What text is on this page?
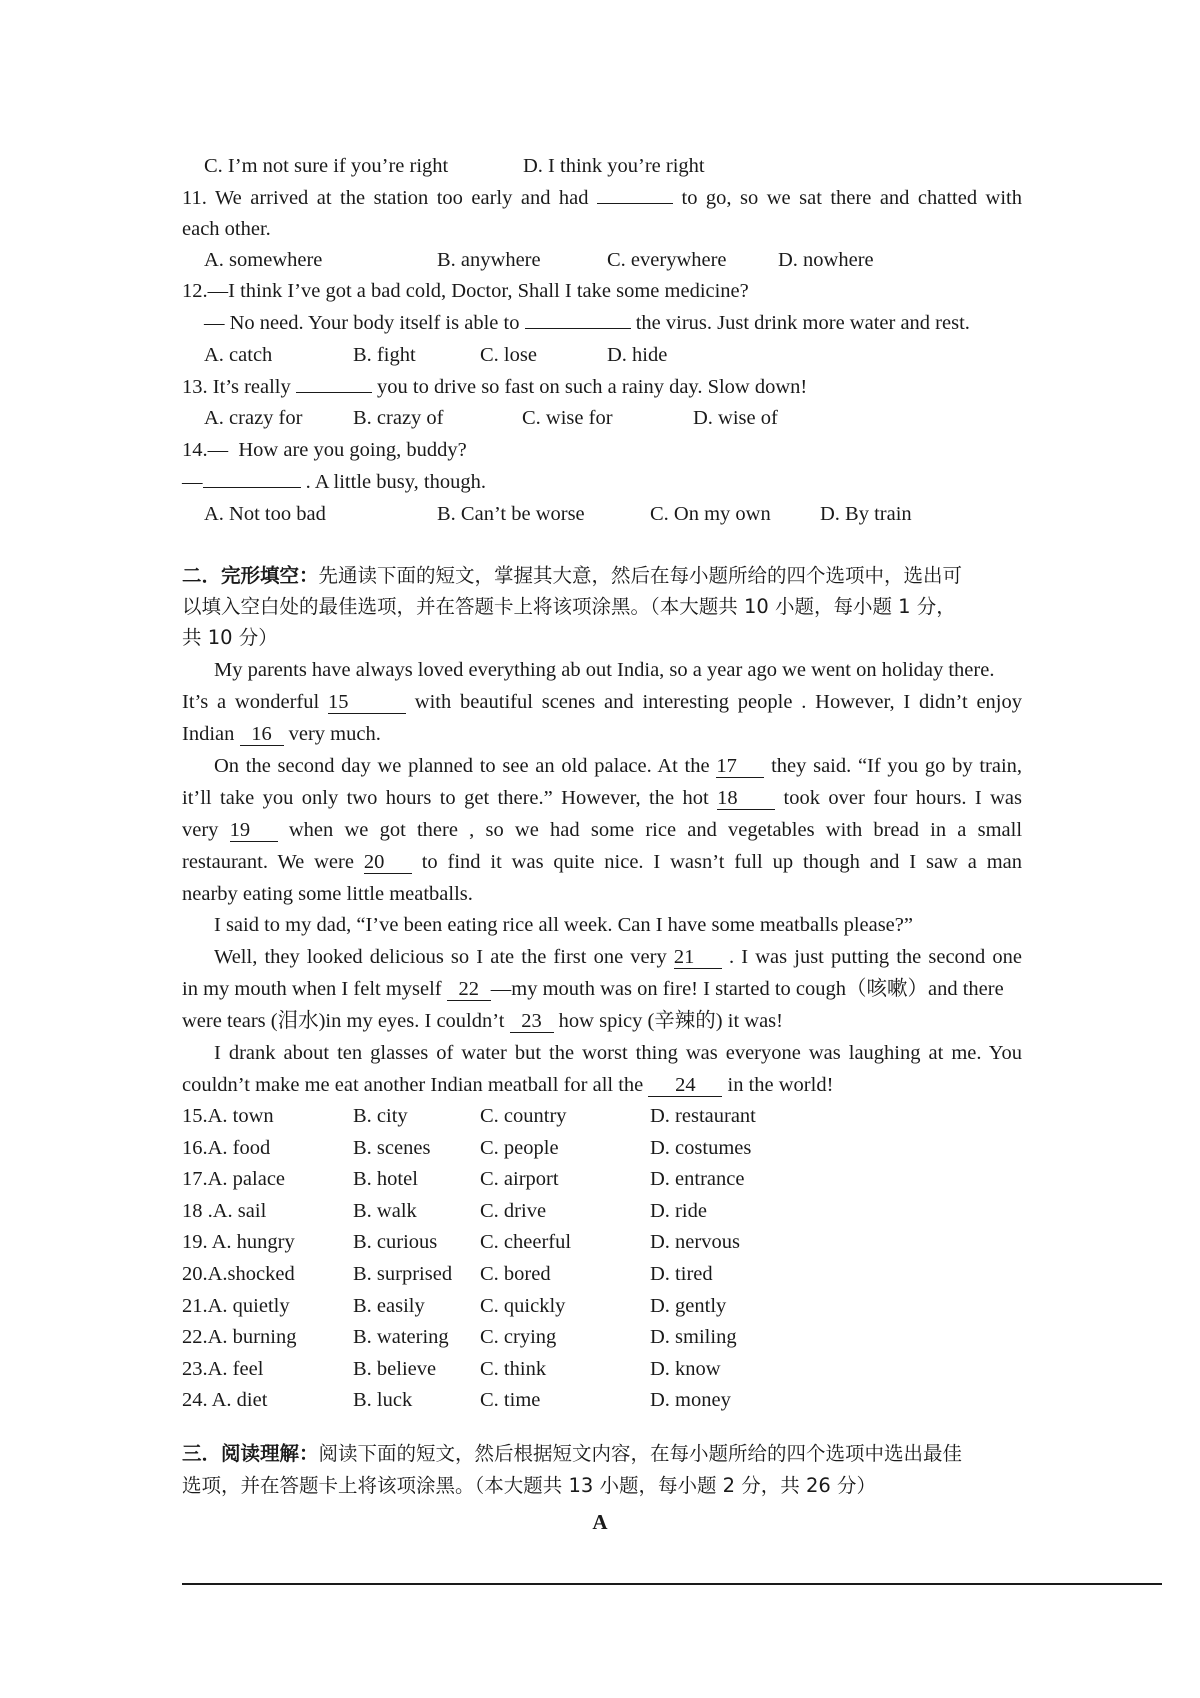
C. I’m not sure if you’re right	D. I think you’re right
11. We arrived at the station too early and had	to go, so we sat there and chatted with
each other.
A. somewhere	B. anywhere	C. everywhere	D. nowhere
12.—I think I’ve got a bad cold, Doctor, Shall I take some medicine?
— No need. Your body itself is able to	the virus. Just drink more water and rest.
A. catch	B. fight	C. lose	D. hide
13. It’s really	you to drive so fast on such a rainy day. Slow down!
A. crazy for B. crazy of	C. wise for	D. wise of
14.—  How are you going, buddy?
—	. A little busy, though.
A. Not too bad	B. Can’t be worse	C. On my own D. By train
二．完形填空：先通读下面的短文，掌握其大意，然后在每小题所给的四个选项中，选出可
以填入空白处的最佳选项，并在答题卡上将该项涂黑。（本大题共 10 小题，每小题 1 分，
共 10 分）
My parents have always loved everything ab out India, so a year ago we went on holiday there.
It’s a wonderful 15	with beautiful scenes and interesting people . However, I didn’t enjoy
Indian 16 very much.
On the second day we planned to see an old palace. At the 17 they said. “If you go by train,
it’ll take you only two hours to get there.” However, the hot 18 took over four hours. I was
very 19 when we got there , so we had some rice and vegetables with bread in a small
restaurant. We were 20 to find it was quite nice. I wasn’t full up though and I saw a man
nearby eating some little meatballs.
I said to my dad, “I’ve been eating rice all week. Can I have some meatballs please?”
Well, they looked delicious so I ate the first one very 21 . I was just putting the second one
in my mouth when I felt myself 22 —my mouth was on fire! I started to cough（咳嗽）and there
were tears (泪水)in my eyes. I couldn’t 23 how spicy (辛辣的) it was!
I drank about ten glasses of water but the worst thing was everyone was laughing at me. You
couldn’t make me eat another Indian meatball for all the 24 in the world!
15.A. town	B. city	C. country	D. restaurant
16.A. food	B. scenes C. people	D. costumes
17.A. palace	B. hotel	C. airport	D. entrance
18 .A. sail	B. walk	C. drive	D. ride
19. A. hungry	B. curious C. cheerful	D. nervous
20.A.shocked	B. surprised C. bored	D. tired
21.A. quietly	B. easily	C. quickly	D. gently
22.A. burning	B. watering C. crying	D. smiling
23.A. feel	B. believe C. think	D. know
24. A. diet	B. luck	C. time	D. money
三．阅读理解：阅读下面的短文，然后根据短文内容，在每小题所给的四个选项中选出最佳
选项，并在答题卡上将该项涂黑。（本大题共 13 小题，每小题 2 分，共 26 分）
A
